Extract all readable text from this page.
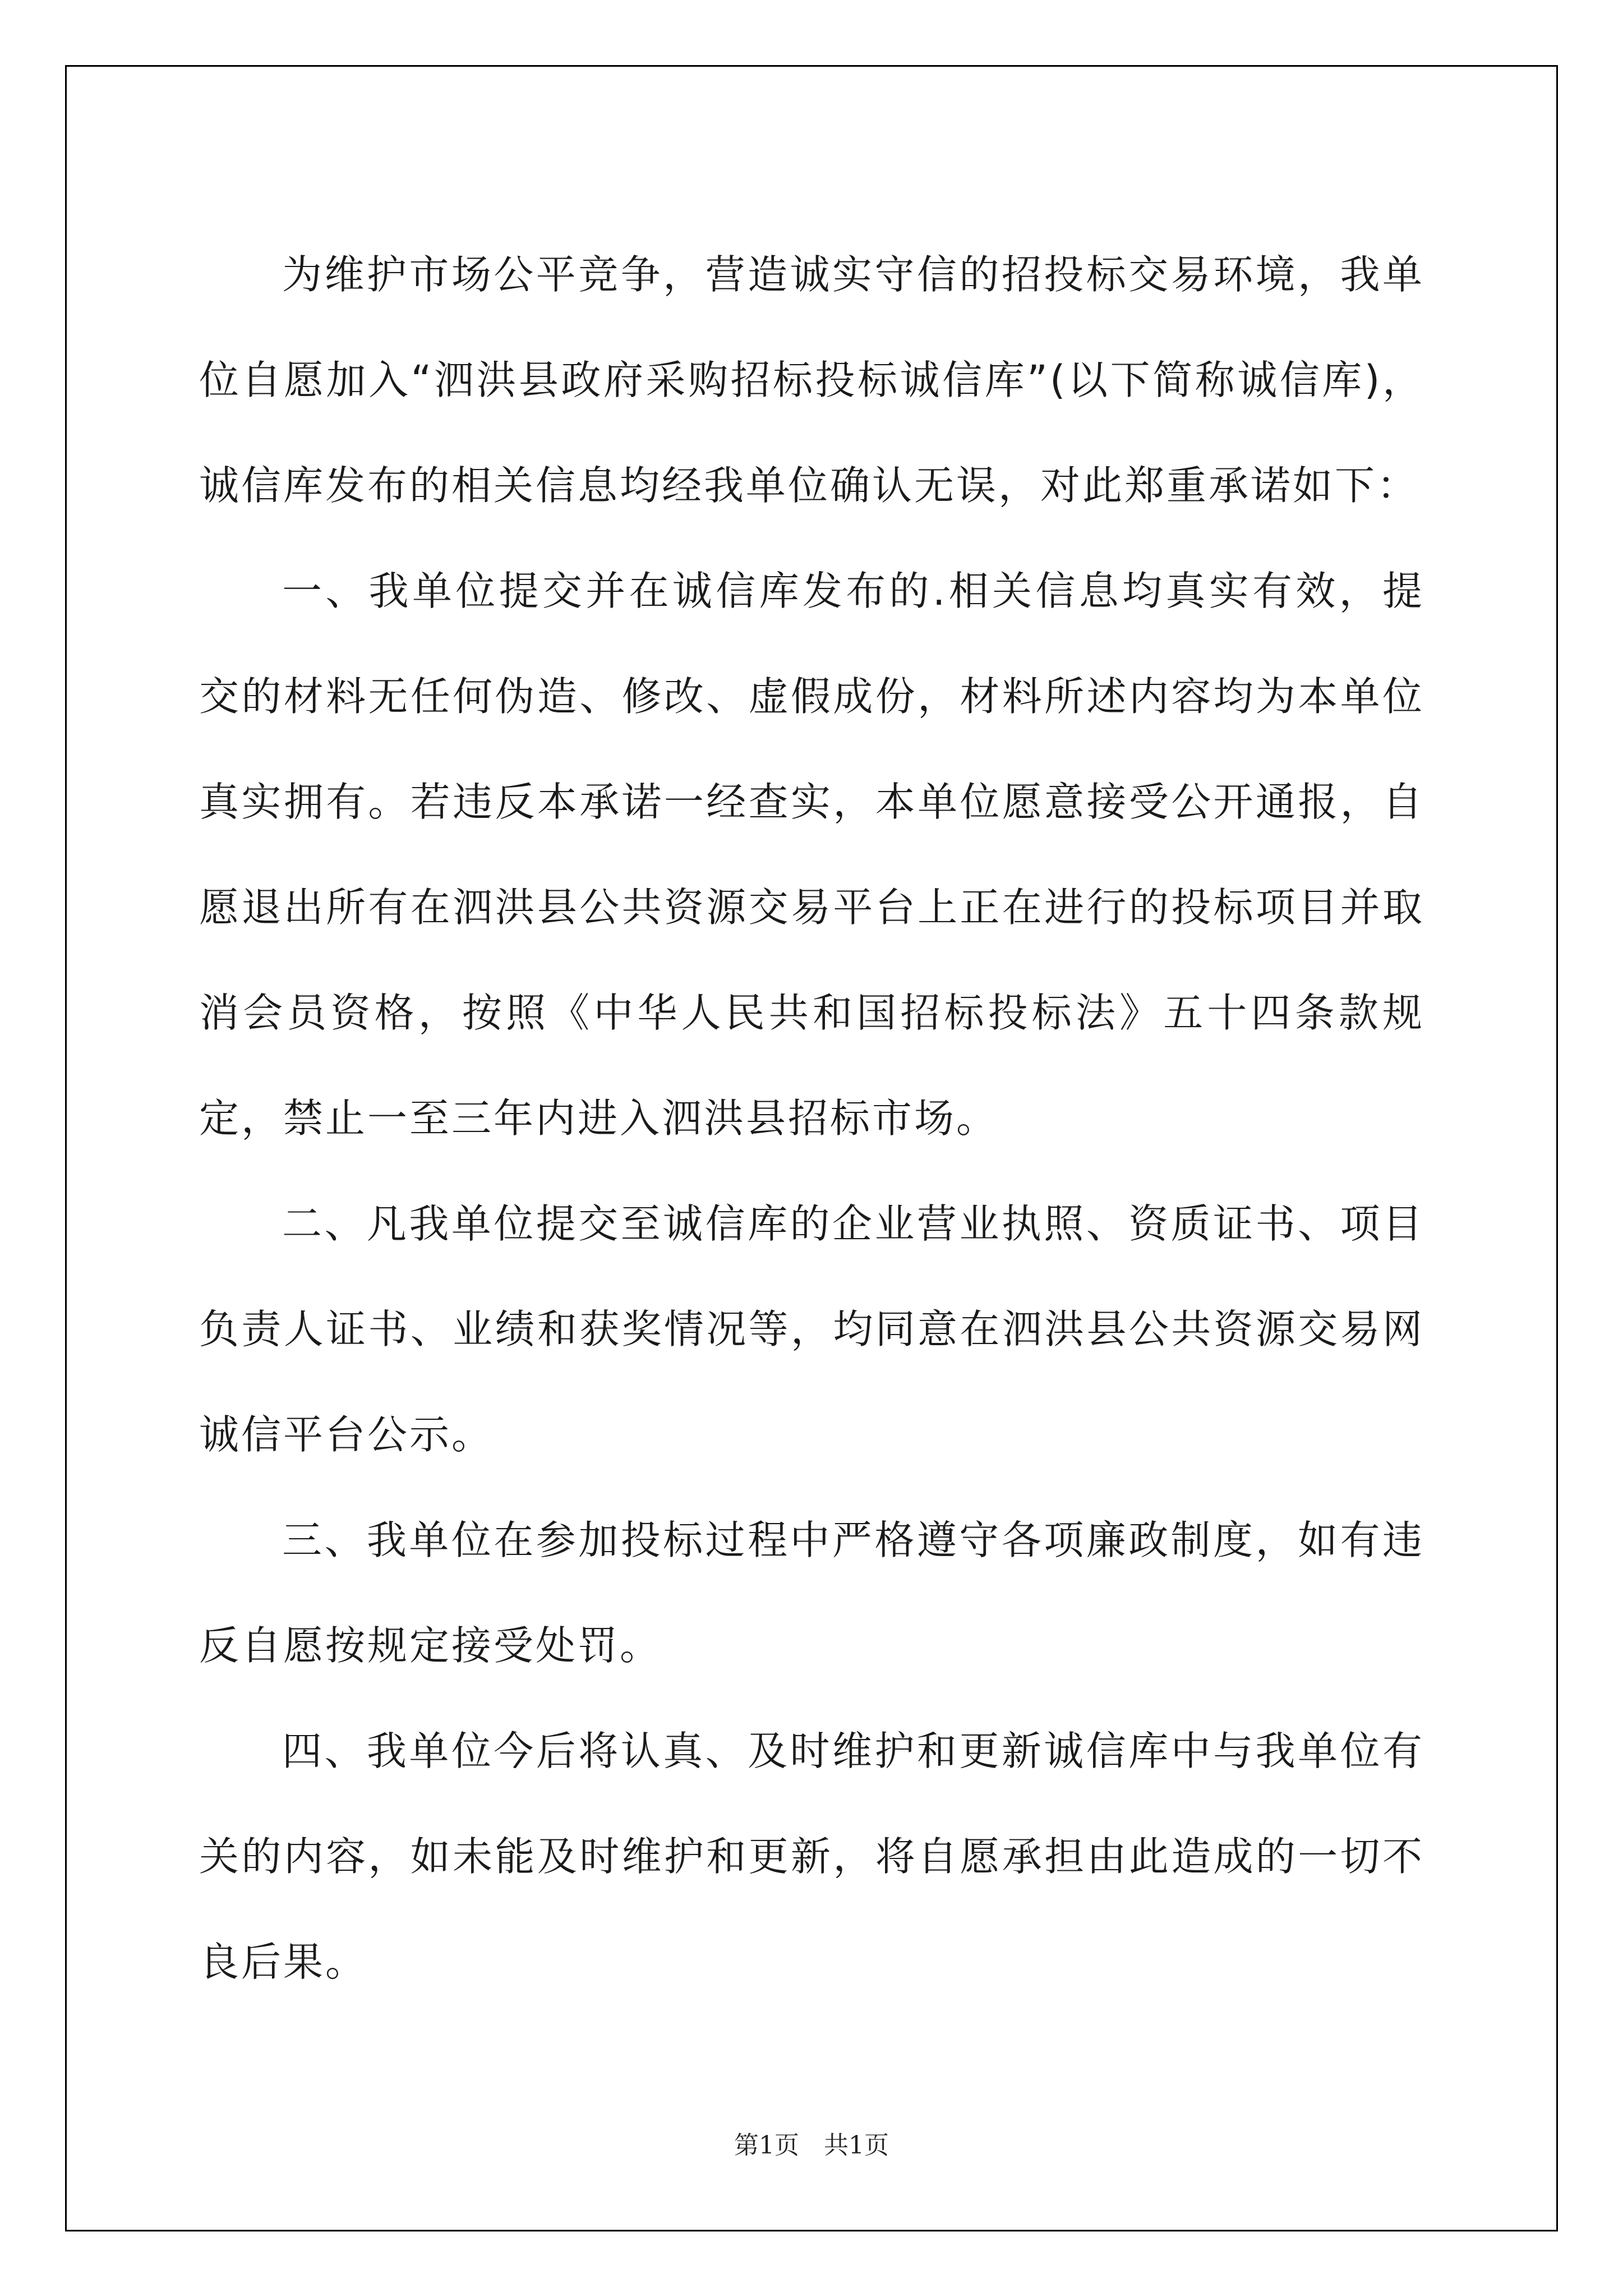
为维护市场公平竞争，营造诚实守信的招投标交易环境，我单位自愿加入“泗洪县政府采购招标投标诚信库”(以下简称诚信库)，诚信库发布的相关信息均经我单位确认无误，对此郑重承诺如下：

一、我单位提交并在诚信库发布的.相关信息均真实有效，提交的材料无任何伪造、修改、虚假成份，材料所述内容均为本单位真实拥有。若违反本承诺一经查实，本单位愿意接受公开通报，自愿退出所有在泗洪县公共资源交易平台上正在进行的投标项目并取消会员资格，按照《中华人民共和国招标投标法》五十四条款规定，禁止一至三年内进入泗洪县招标市场。

二、凡我单位提交至诚信库的企业营业执照、资质证书、项目负责人证书、业绩和获奖情况等，均同意在泗洪县公共资源交易网诚信平台公示。

三、我单位在参加投标过程中严格遵守各项廉政制度，如有违反自愿按规定接受处罚。

四、我单位今后将认真、及时维护和更新诚信库中与我单位有关的内容，如未能及时维护和更新，将自愿承担由此造成的一切不良后果。

第1页　共1页
